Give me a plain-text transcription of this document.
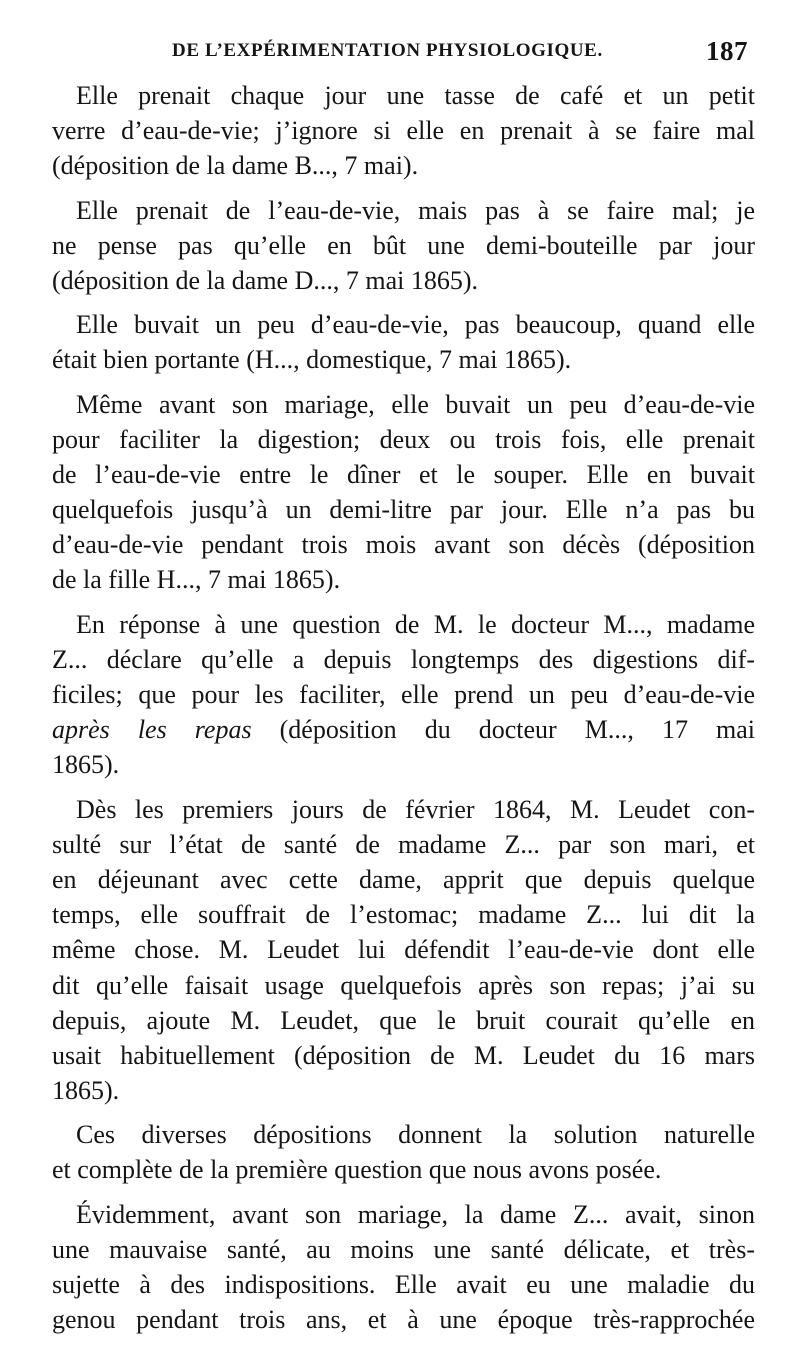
DE L’EXPÉRIMENTATION PHYSIOLOGIQUE.	187
Elle prenait chaque jour une tasse de café et un petit
verre d’eau-de-vie; j’ignore si elle en prenait à se faire mal
(déposition de la dame B..., 7 mai).
Elle prenait de l’eau-de-vie, mais pas à se faire mal; je
ne pense pas qu’elle en bût une demi-bouteille par jour
(déposition de la dame D..., 7 mai 1865).
Elle buvait un peu d’eau-de-vie, pas beaucoup, quand elle
était bien portante (H..., domestique, 7 mai 1865).
Même avant son mariage, elle buvait un peu d’eau-de-vie
pour faciliter la digestion; deux ou trois fois, elle prenait
de l’eau-de-vie entre le dîner et le souper. Elle en buvait
quelquefois jusqu’à un demi-litre par jour. Elle n’a pas bu
d’eau-de-vie pendant trois mois avant son décès (déposition
de la fille H..., 7 mai 1865).
En réponse à une question de M. le docteur M..., madame
Z... déclare qu’elle a depuis longtemps des digestions dif-
ficiles; que pour les faciliter, elle prend un peu d’eau-de-vie
après les repas (déposition du docteur M..., 17 mai
1865).
Dès les premiers jours de février 1864, M. Leudet con-
sulté sur l’état de santé de madame Z... par son mari, et
en déjeunant avec cette dame, apprit que depuis quelque
temps, elle souffrait de l’estomac; madame Z... lui dit la
même chose. M. Leudet lui défendit l’eau-de-vie dont elle
dit qu’elle faisait usage quelquefois après son repas; j’ai su
depuis, ajoute M. Leudet, que le bruit courait qu’elle en
usait habituellement (déposition de M. Leudet du 16 mars
1865).
Ces diverses dépositions donnent la solution naturelle
et complète de la première question que nous avons posée.
Évidemment, avant son mariage, la dame Z... avait, sinon
une mauvaise santé, au moins une santé délicate, et très-
sujette à des indispositions. Elle avait eu une maladie du
genou pendant trois ans, et à une époque très-rapprochée
